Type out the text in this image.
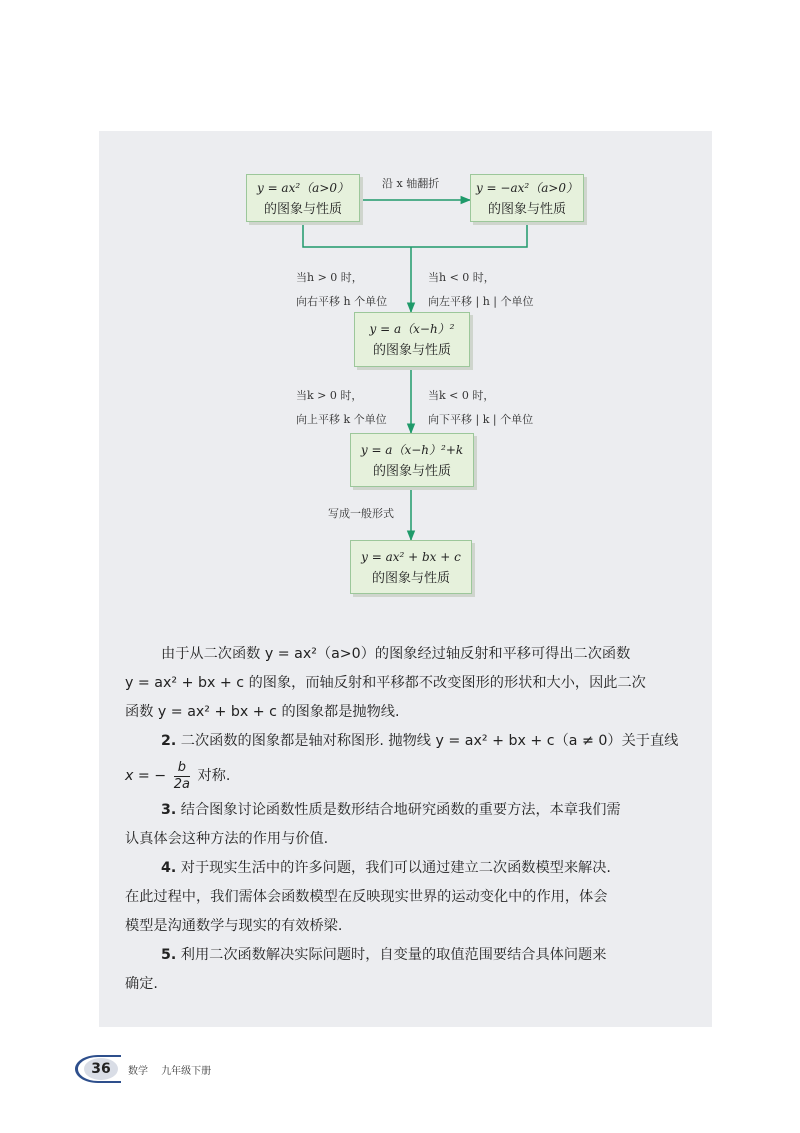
y = ax²（a>0）
的图象与性质
y = −ax²（a>0）
的图象与性质
y = a（x−h）²
的图象与性质
y = a（x−h）²+k
的图象与性质
y = ax² + bx + c
的图象与性质
沿 x 轴翻折
当h > 0 时，
向右平移 h 个单位
当h < 0 时，
向左平移 | h | 个单位
当k > 0 时，
向上平移 k 个单位
当k < 0 时，
向下平移 | k | 个单位
写成一般形式

由于从二次函数 y = ax²（a>0）的图象经过轴反射和平移可得出二次函数

y = ax² + bx + c 的图象，而轴反射和平移都不改变图形的形状和大小，因此二次

函数 y = ax² + bx + c 的图象都是抛物线.

2. 二次函数的图象都是轴对称图形. 抛物线 y = ax² + bx + c（a ≠ 0）关于直线

x = − $\frac{b}{2a}$ 对称.

3. 结合图象讨论函数性质是数形结合地研究函数的重要方法，本章我们需

认真体会这种方法的作用与价值.

4. 对于现实生活中的许多问题，我们可以通过建立二次函数模型来解决.

在此过程中，我们需体会函数模型在反映现实世界的运动变化中的作用，体会

模型是沟通数学与现实的有效桥梁.

5. 利用二次函数解决实际问题时，自变量的取值范围要结合具体问题来

确定.

36	数学 九年级下册
